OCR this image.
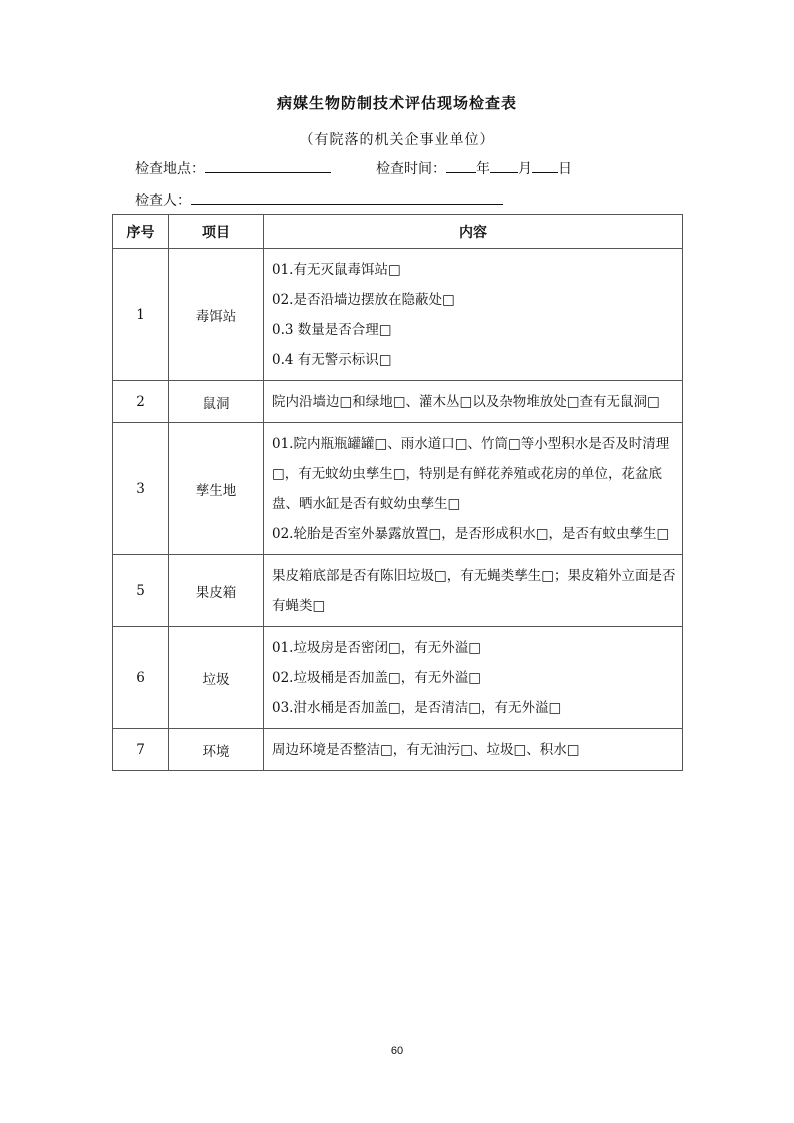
病媒生物防制技术评估现场检查表
（有院落的机关企事业单位）
检查地点：	检查时间： 年 月 日
检查人：
序号	项目	内容
1	毒饵站	01.有无灭鼠毒饵站□
02.是否沿墙边摆放在隐蔽处□
0.3 数量是否合理□
0.4 有无警示标识□

2	鼠洞	院内沿墙边□和绿地□、灌木丛□以及杂物堆放处□查有无鼠洞□

3	孳生地	01.院内瓶瓶罐罐□、雨水道口□、竹筒□等小型积水是否及时清理□，有无蚊幼虫孳生□，特别是有鲜花养殖或花房的单位，花盆底盘、晒水缸是否有蚊幼虫孳生□
02.轮胎是否室外暴露放置□，是否形成积水□，是否有蚊虫孳生□

5	果皮箱	果皮箱底部是否有陈旧垃圾□，有无蝇类孳生□；果皮箱外立面是否有蝇类□

6	垃圾	01.垃圾房是否密闭□，有无外溢□
02.垃圾桶是否加盖□，有无外溢□
03.泔水桶是否加盖□，是否清洁□，有无外溢□

7	环境	周边环境是否整洁□，有无油污□、垃圾□、积水□
60
